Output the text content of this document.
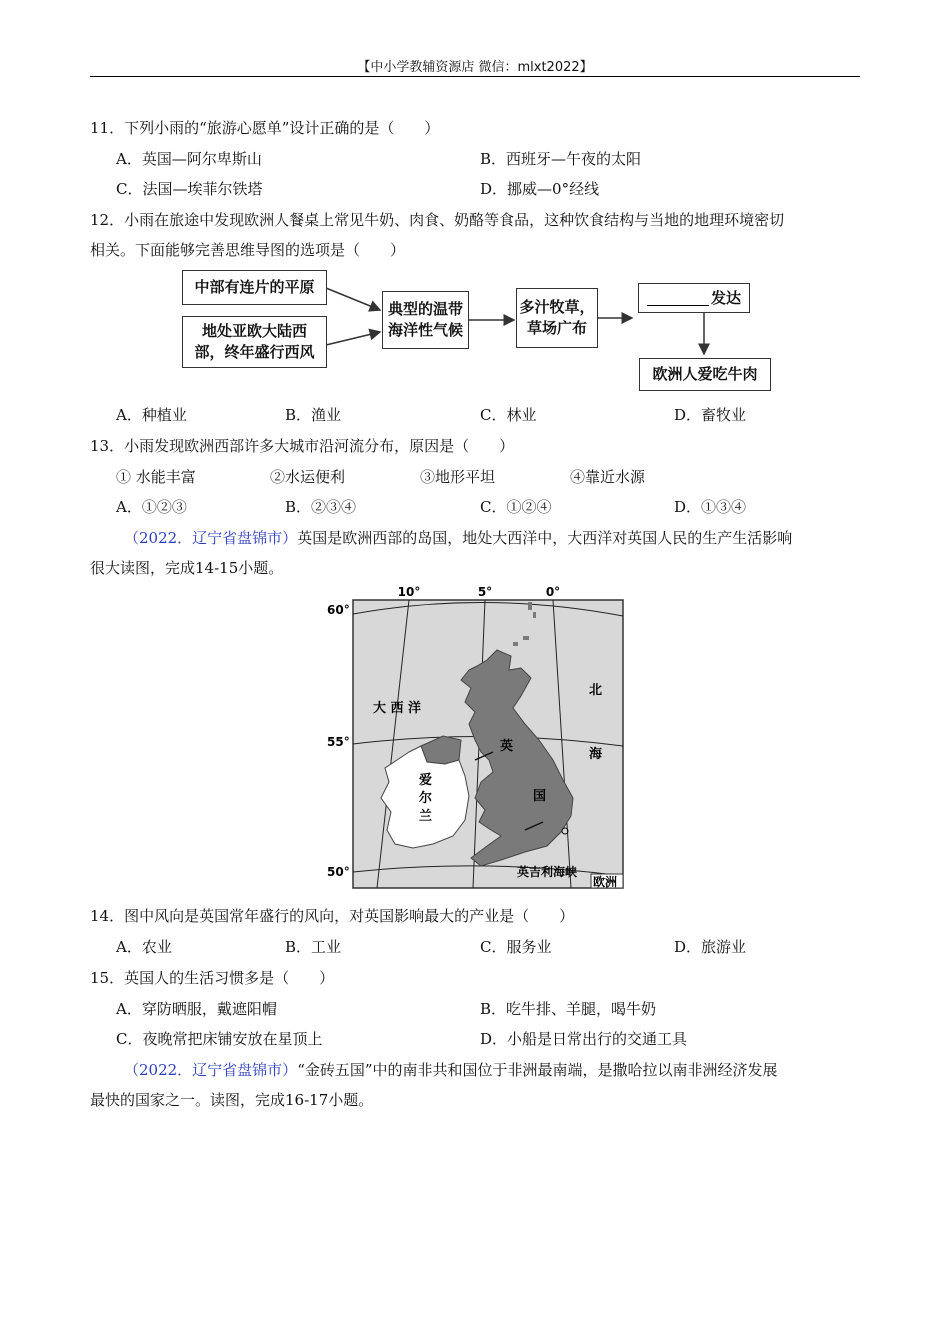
【中小学教辅资源店 微信：mlxt2022】
11．下列小雨的“旅游心愿单”设计正确的是（　　）
A．英国—阿尔卑斯山	B．西班牙—午夜的太阳
C．法国—埃菲尔铁塔	D．挪威—0°经线
12．小雨在旅途中发现欧洲人餐桌上常见牛奶、肉食、奶酪等食品，这种饮食结构与当地的地理环境密切
相关。下面能够完善思维导图的选项是（　　）
中部有连片的平原
地处亚欧大陆西
部，终年盛行西风
典型的温带
海洋性气候
多汁牧草，
草场广布
发达
欧洲人爱吃牛肉
A．种植业	B．渔业	C．林业	D．畜牧业
13．小雨发现欧洲西部许多大城市沿河流分布，原因是（　　）
① 水能丰富	②水运便利	③地形平坦	④靠近水源
A．①②③	B．②③④	C．①②④	D．①③④
（2022．辽宁省盘锦市）英国是欧洲西部的岛国，地处大西洋中，大西洋对英国人民的生产生活影响
很大读图，完成14-15小题。
10°	5°	0°
60°
55°
50°
大 西 洋
北
海
英
国
爱
尔
兰
英吉利海峡
欧洲
14．图中风向是英国常年盛行的风向，对英国影响最大的产业是（　　）
A．农业	B．工业	C．服务业	D．旅游业
15．英国人的生活习惯多是（　　）
A．穿防晒服，戴遮阳帽	B．吃牛排、羊腿，喝牛奶
C．夜晚常把床铺安放在星顶上	D．小船是日常出行的交通工具
（2022．辽宁省盘锦市）“金砖五国”中的南非共和国位于非洲最南端，是撒哈拉以南非洲经济发展
最快的国家之一。读图，完成16-17小题。
